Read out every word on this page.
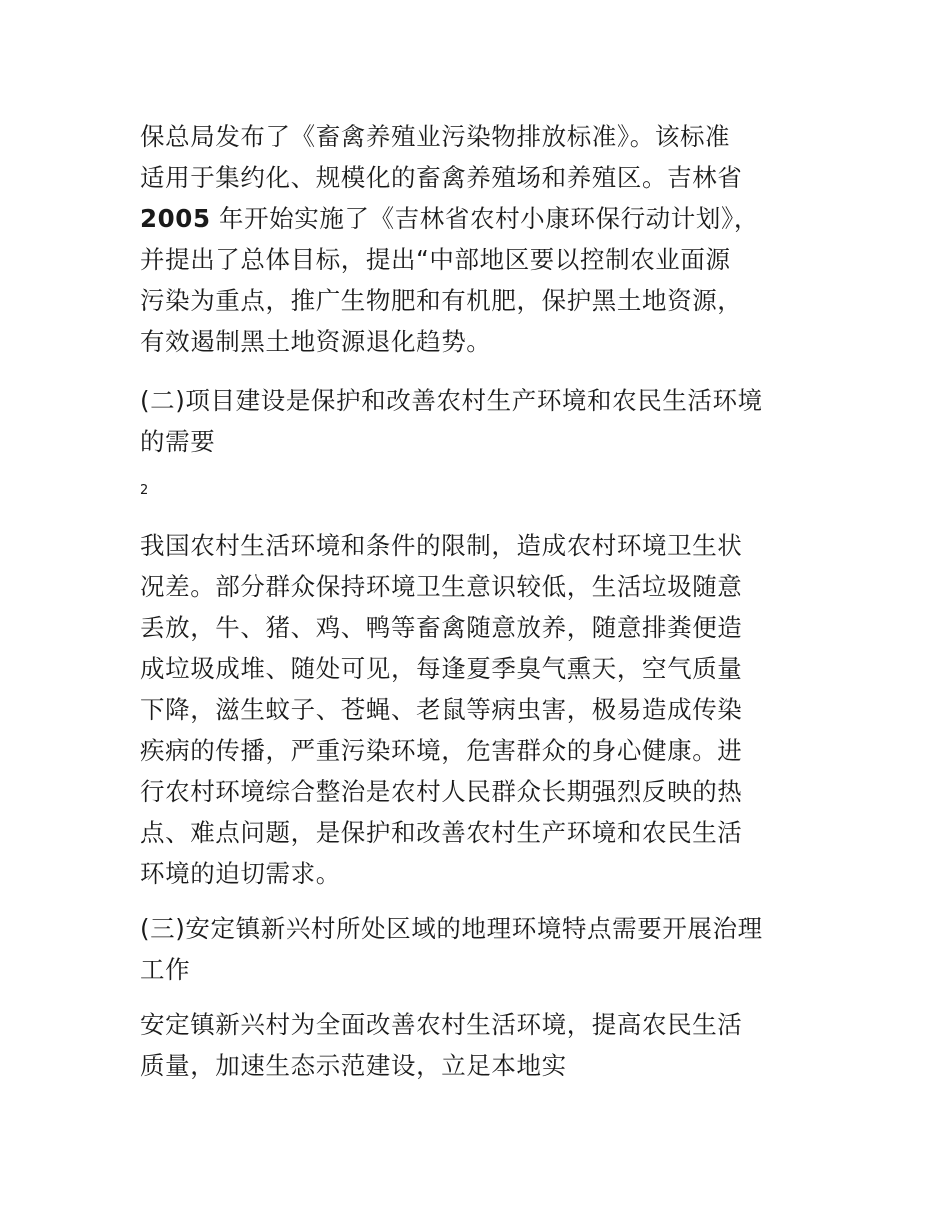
保总局发布了《畜禽养殖业污染物排放标准》。该标准
适用于集约化、规模化的畜禽养殖场和养殖区。吉林省
2005 年开始实施了《吉林省农村小康环保行动计划》，
并提出了总体目标，提出“中部地区要以控制农业面源
污染为重点，推广生物肥和有机肥，保护黑土地资源，
有效遏制黑土地资源退化趋势。
(二)项目建设是保护和改善农村生产环境和农民生活环境
的需要
2
我国农村生活环境和条件的限制，造成农村环境卫生状
况差。部分群众保持环境卫生意识较低，生活垃圾随意
丢放，牛、猪、鸡、鸭等畜禽随意放养，随意排粪便造
成垃圾成堆、随处可见，每逢夏季臭气熏天，空气质量
下降，滋生蚊子、苍蝇、老鼠等病虫害，极易造成传染
疾病的传播，严重污染环境，危害群众的身心健康。进
行农村环境综合整治是农村人民群众长期强烈反映的热
点、难点问题，是保护和改善农村生产环境和农民生活
环境的迫切需求。
(三)安定镇新兴村所处区域的地理环境特点需要开展治理
工作
安定镇新兴村为全面改善农村生活环境，提高农民生活
质量，加速生态示范建设，立足本地实
